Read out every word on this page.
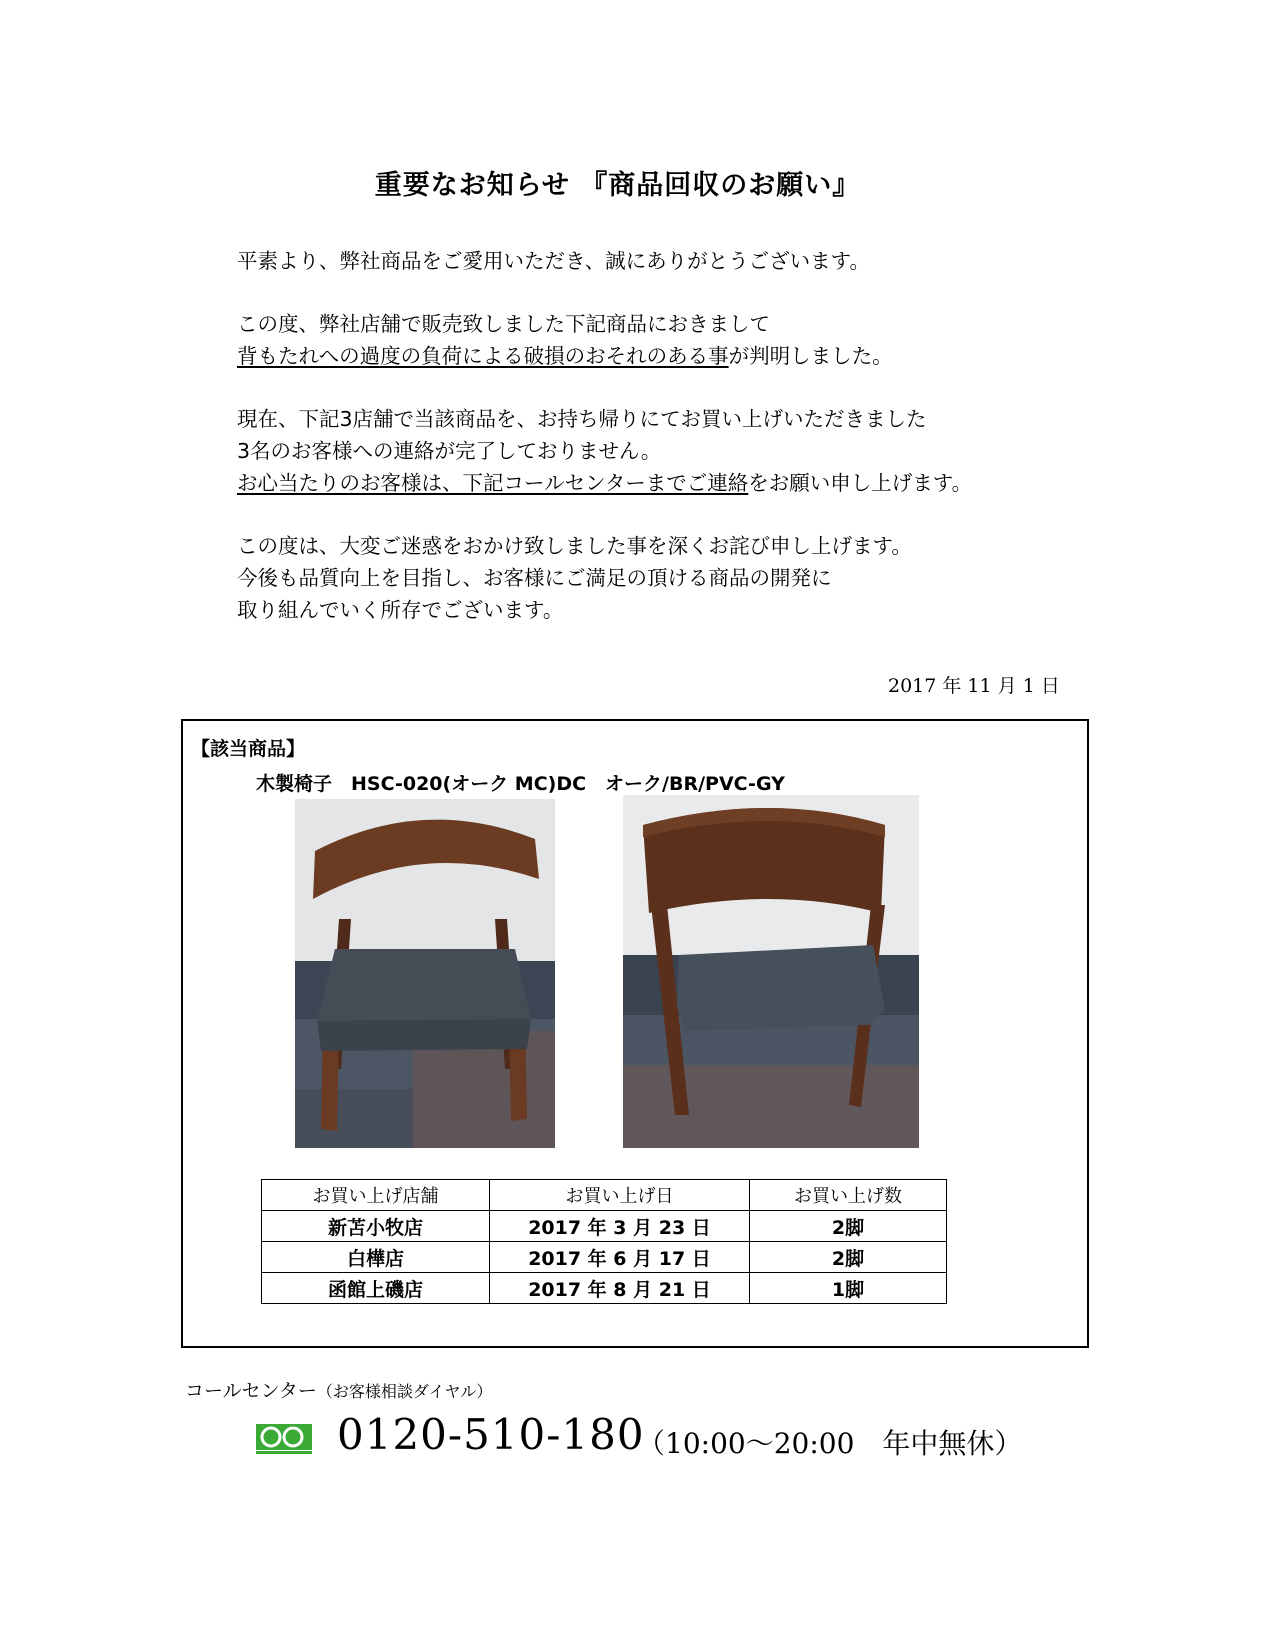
重要なお知らせ 『商品回収のお願い』

平素より、弊社商品をご愛用いただき、誠にありがとうございます。

この度、弊社店舗で販売致しました下記商品におきまして

背もたれへの過度の負荷による破損のおそれのある事が判明しました。

現在、下記3店舗で当該商品を、お持ち帰りにてお買い上げいただきました

3名のお客様への連絡が完了しておりません。

お心当たりのお客様は、下記コールセンターまでご連絡をお願い申し上げます。

この度は、大変ご迷惑をおかけ致しました事を深くお詫び申し上げます。

今後も品質向上を目指し、お客様にご満足の頂ける商品の開発に

取り組んでいく所存でございます。

2017 年 11 月 1 日
【該当商品】
木製椅子　HSC-020(オーク MC)DC　オーク/BR/PVC-GY
お買い上げ店舗	お買い上げ日	お買い上げ数
新苫小牧店	2017 年 3 月 23 日	2脚
白樺店	2017 年 6 月 17 日	2脚
函館上磯店	2017 年 8 月 21 日	1脚
コールセンター（お客様相談ダイヤル）
0120-510-180
（10:00～20:00　年中無休）
